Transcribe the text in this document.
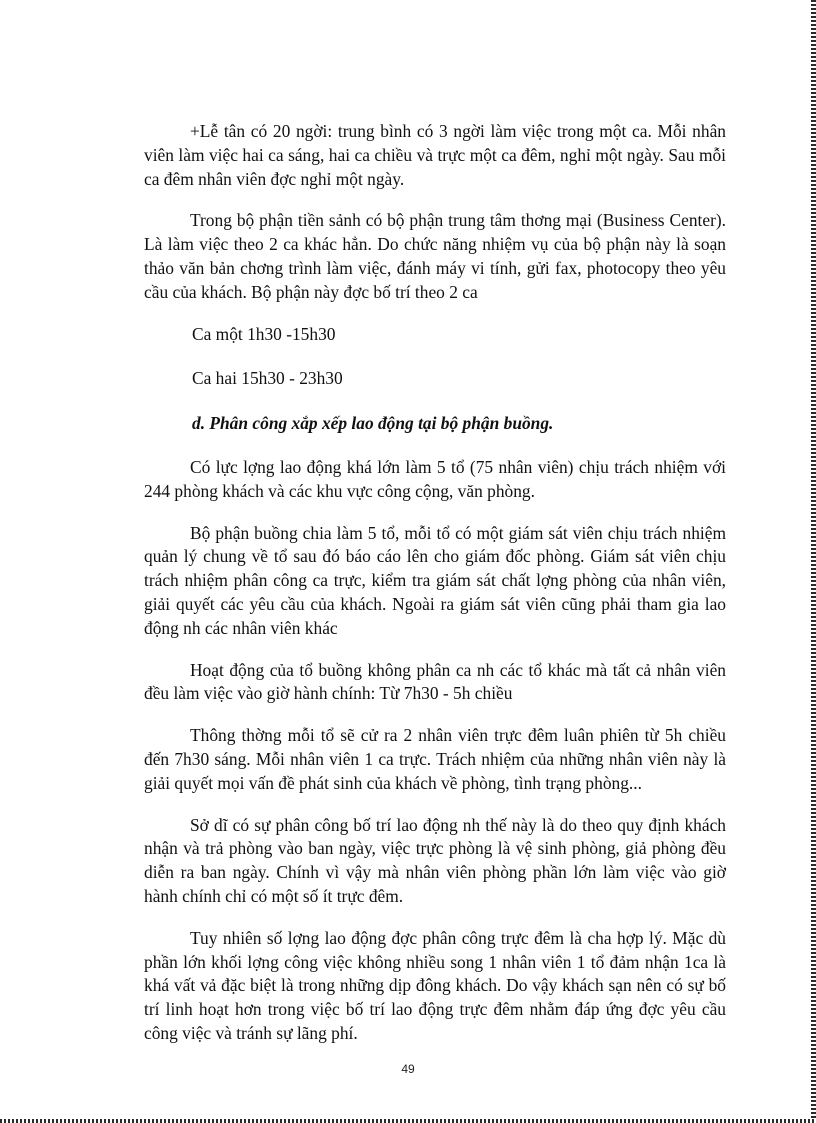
+Lễ tân có 20 ngời: trung bình có 3 ngời làm việc trong một ca. Mỗi nhân viên làm việc hai ca sáng, hai ca chiều và trực một ca đêm, nghỉ một ngày. Sau mỗi ca đêm nhân viên đợc nghỉ một ngày.

Trong bộ phận tiền sảnh có bộ phận trung tâm thơng mại (Business Center). Là làm việc theo 2 ca khác hẳn. Do chức năng nhiệm vụ của bộ phận này là soạn thảo văn bản chơng trình làm việc, đánh máy vi tính, gửi fax, photocopy theo yêu cầu của khách. Bộ phận này đợc bố trí theo 2 ca

Ca một 1h30 -15h30

Ca hai 15h30 - 23h30

d. Phân công xắp xếp lao động tại bộ phận buồng.

Có lực lợng lao động khá lớn làm 5 tổ (75 nhân viên) chịu trách nhiệm với 244 phòng khách và các khu vực công cộng, văn phòng.

Bộ phận buồng chia làm 5 tổ, mỗi tổ có một giám sát viên chịu trách nhiệm quản lý chung về tổ sau đó báo cáo lên cho giám đốc phòng. Giám sát viên chịu trách nhiệm phân công ca trực, kiểm tra giám sát chất lợng phòng của nhân viên, giải quyết các yêu cầu của khách. Ngoài ra giám sát viên cũng phải tham gia lao động nh các nhân viên khác

Hoạt động của tổ buồng không phân ca nh các tổ khác mà tất cả nhân viên đều làm việc vào giờ hành chính: Từ 7h30 - 5h chiều

Thông thờng mỗi tổ sẽ cử ra 2 nhân viên trực đêm luân phiên từ 5h chiều đến 7h30 sáng. Mỗi nhân viên 1 ca trực. Trách nhiệm của những nhân viên này là giải quyết mọi vấn đề phát sinh của khách về phòng, tình trạng phòng...

Sở dĩ có sự phân công bố trí lao động nh thế này là do theo quy định khách nhận và trả phòng vào ban ngày, việc trực phòng là vệ sinh phòng, giả phòng đều diễn ra ban ngày. Chính vì vậy mà nhân viên phòng phần lớn làm việc vào giờ hành chính chỉ có một số ít trực đêm.

Tuy nhiên số lợng lao động đợc phân công trực đêm là cha hợp lý. Mặc dù phần lớn khối lợng công việc không nhiều song 1 nhân viên 1 tổ đảm nhận 1ca là khá vất vả đặc biệt là trong những dịp đông khách. Do vậy khách sạn nên có sự bố trí linh hoạt hơn trong việc bố trí lao động trực đêm nhằm đáp ứng đợc yêu cầu công việc và tránh sự lãng phí.

49
